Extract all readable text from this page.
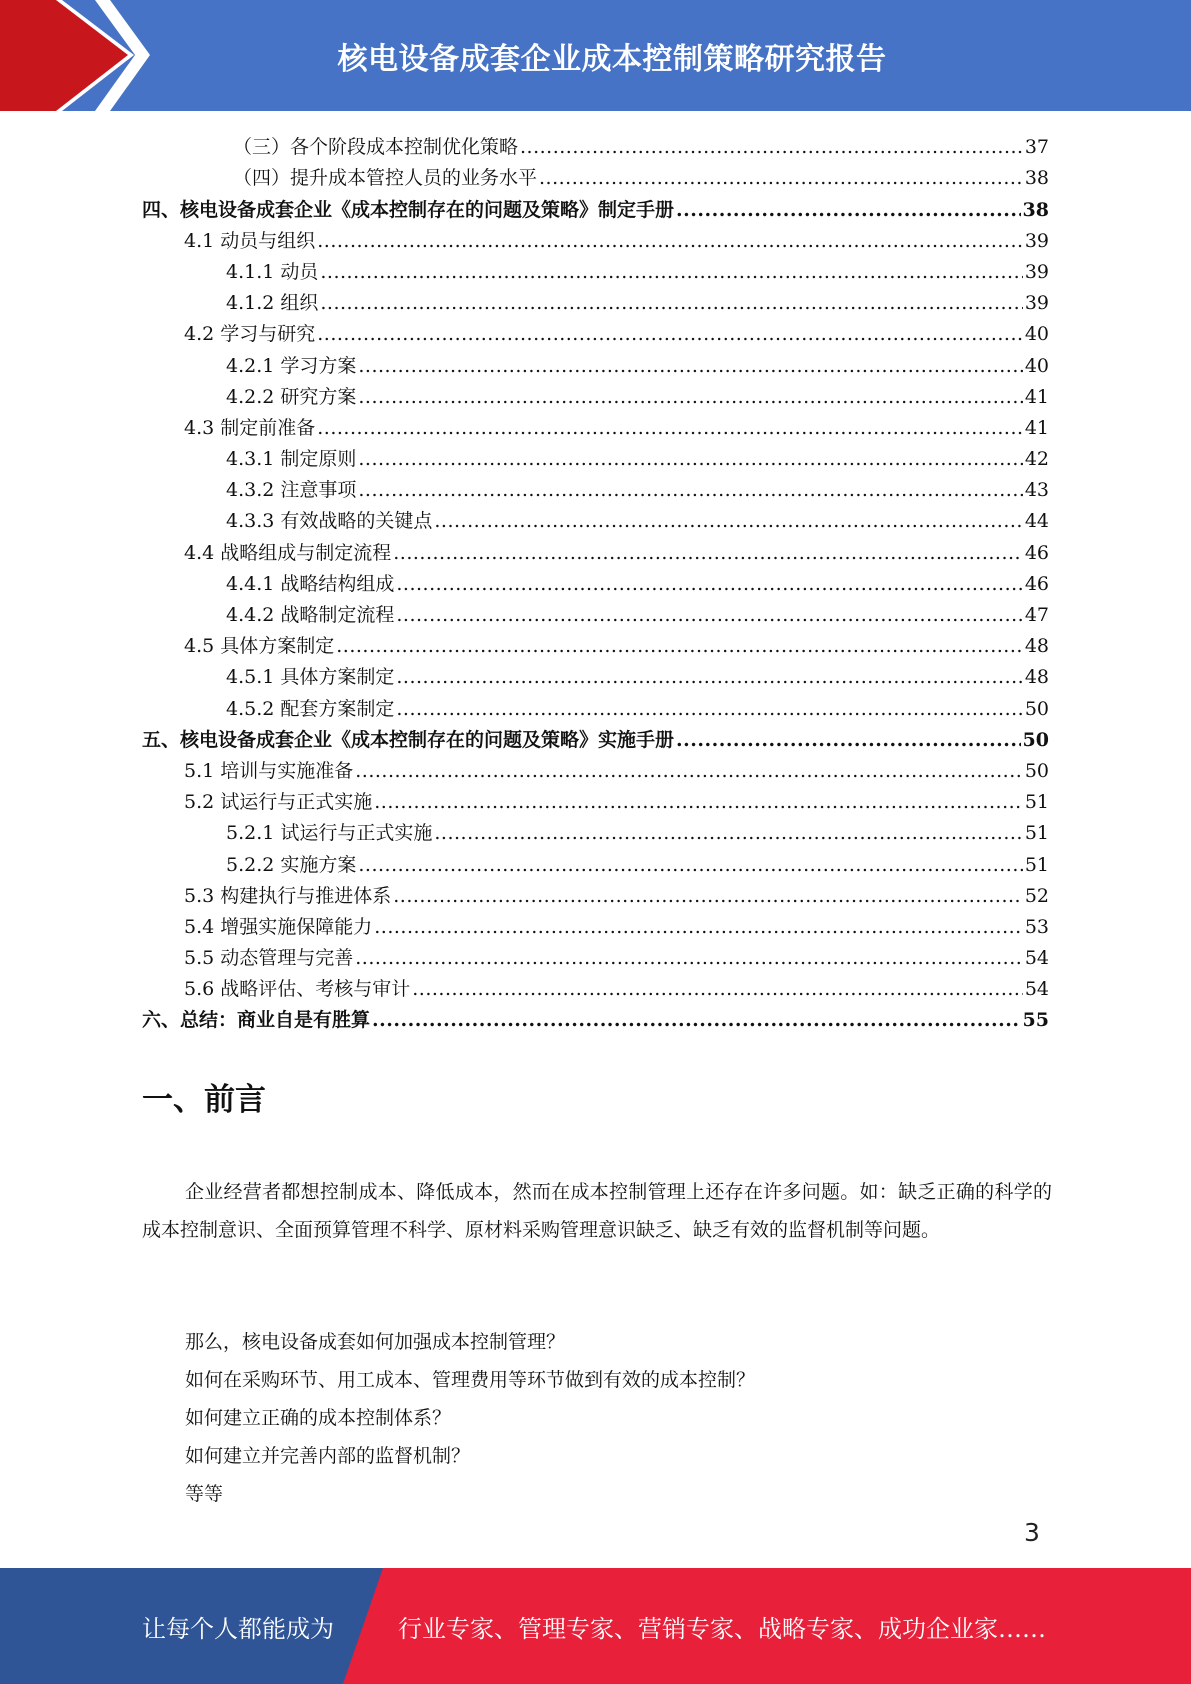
核电设备成套企业成本控制策略研究报告
（三）各个阶段成本控制优化策略 .....	37
（四）提升成本管控人员的业务水平 .....	38
四、核电设备成套企业《成本控制存在的问题及策略》制定手册 .....	38
4.1 动员与组织 .....	39
4.1.1 动员 .....	39
4.1.2 组织 .....	39
4.2 学习与研究 .....	40
4.2.1 学习方案 .....	40
4.2.2 研究方案 .....	41
4.3 制定前准备 .....	41
4.3.1 制定原则 .....	42
4.3.2 注意事项 .....	43
4.3.3 有效战略的关键点 .....	44
4.4 战略组成与制定流程 .....	46
4.4.1 战略结构组成 .....	46
4.4.2 战略制定流程 .....	47
4.5 具体方案制定 .....	48
4.5.1 具体方案制定 .....	48
4.5.2 配套方案制定 .....	50
五、核电设备成套企业《成本控制存在的问题及策略》实施手册 .....	50
5.1 培训与实施准备 .....	50
5.2 试运行与正式实施 .....	51
5.2.1 试运行与正式实施 .....	51
5.2.2 实施方案 .....	51
5.3 构建执行与推进体系 .....	52
5.4 增强实施保障能力 .....	53
5.5 动态管理与完善 .....	54
5.6 战略评估、考核与审计 .....	54
六、总结：商业自是有胜算 .....	55
一、前言
企业经营者都想控制成本、降低成本，然而在成本控制管理上还存在许多问题。如：缺乏正确的科学的成本控制意识、全面预算管理不科学、原材料采购管理意识缺乏、缺乏有效的监督机制等问题。
那么，核电设备成套如何加强成本控制管理？
如何在采购环节、用工成本、管理费用等环节做到有效的成本控制？
如何建立正确的成本控制体系？
如何建立并完善内部的监督机制？
等等
3
让每个人都能成为	行业专家、管理专家、营销专家、战略专家、成功企业家……
